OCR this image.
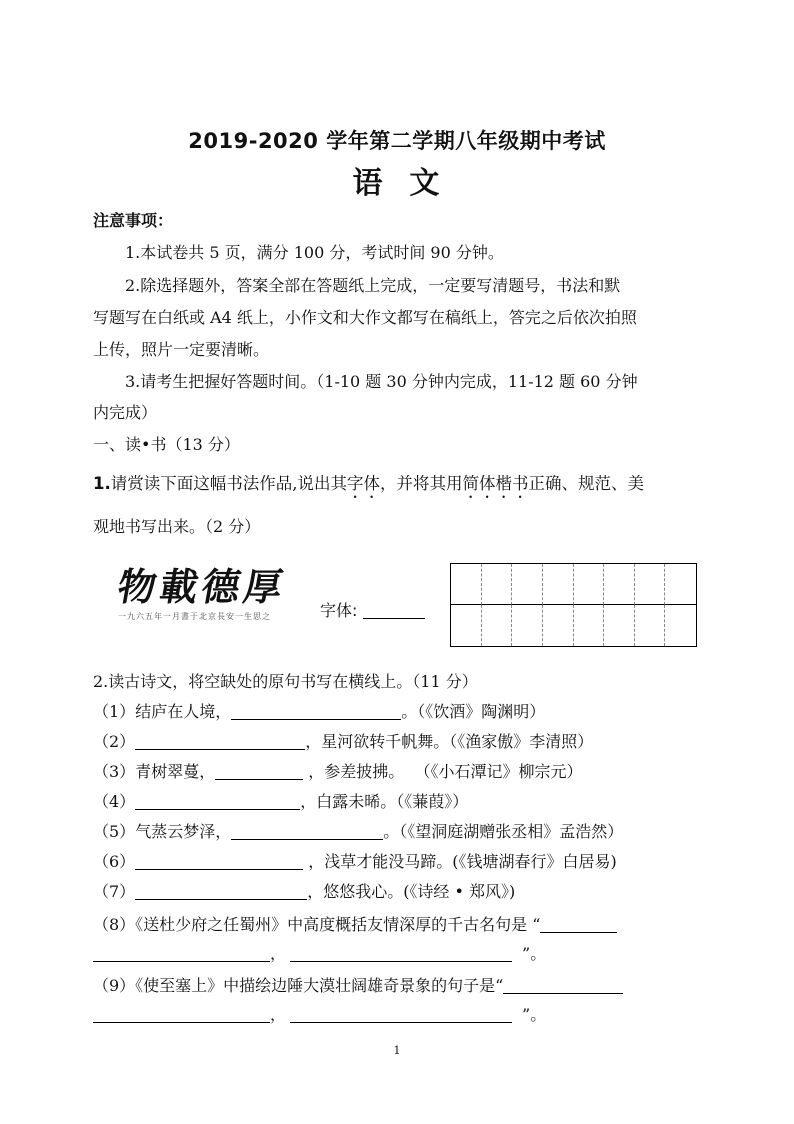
2019-2020 学年第二学期八年级期中考试
语  文
注意事项：
1.本试卷共 5 页，满分 100 分，考试时间 90 分钟。
2.除选择题外，答案全部在答题纸上完成，一定要写清题号，书法和默
写题写在白纸或 A4 纸上，小作文和大作文都写在稿纸上，答完之后依次拍照
上传，照片一定要清晰。
3.请考生把握好答题时间。（1-10 题 30 分钟内完成，11-12 题 60 分钟
内完成）
一、读•书（13 分）
1.请赏读下面这幅书法作品,说出其字体，并将其用简体楷书正确、规范、美
观地书写出来。（2 分）
物載德厚
一九六五年一月書于北京長安一生思之	字体:
2.读古诗文，将空缺处的原句书写在横线上。（11 分）
（1）结庐在人境，	。（《饮酒》陶渊明）
（2）	，星河欲转千帆舞。（《渔家傲》李清照）
（3）青树翠蔓，	，参差披拂。  （《小石潭记》柳宗元）
（4）	，白露未晞。（《蒹葭》）
（5）气蒸云梦泽，	。（《望洞庭湖赠张丞相》孟浩然）
（6）	，浅草才能没马蹄。(《钱塘湖春行》白居易)
（7）	，悠悠我心。(《诗经 • 郑风》)
（8）《送杜少府之任蜀州》中高度概括友情深厚的千古名句是 “
，	”。
（9）《使至塞上》中描绘边陲大漠壮阔雄奇景象的句子是“
，	”。
1
